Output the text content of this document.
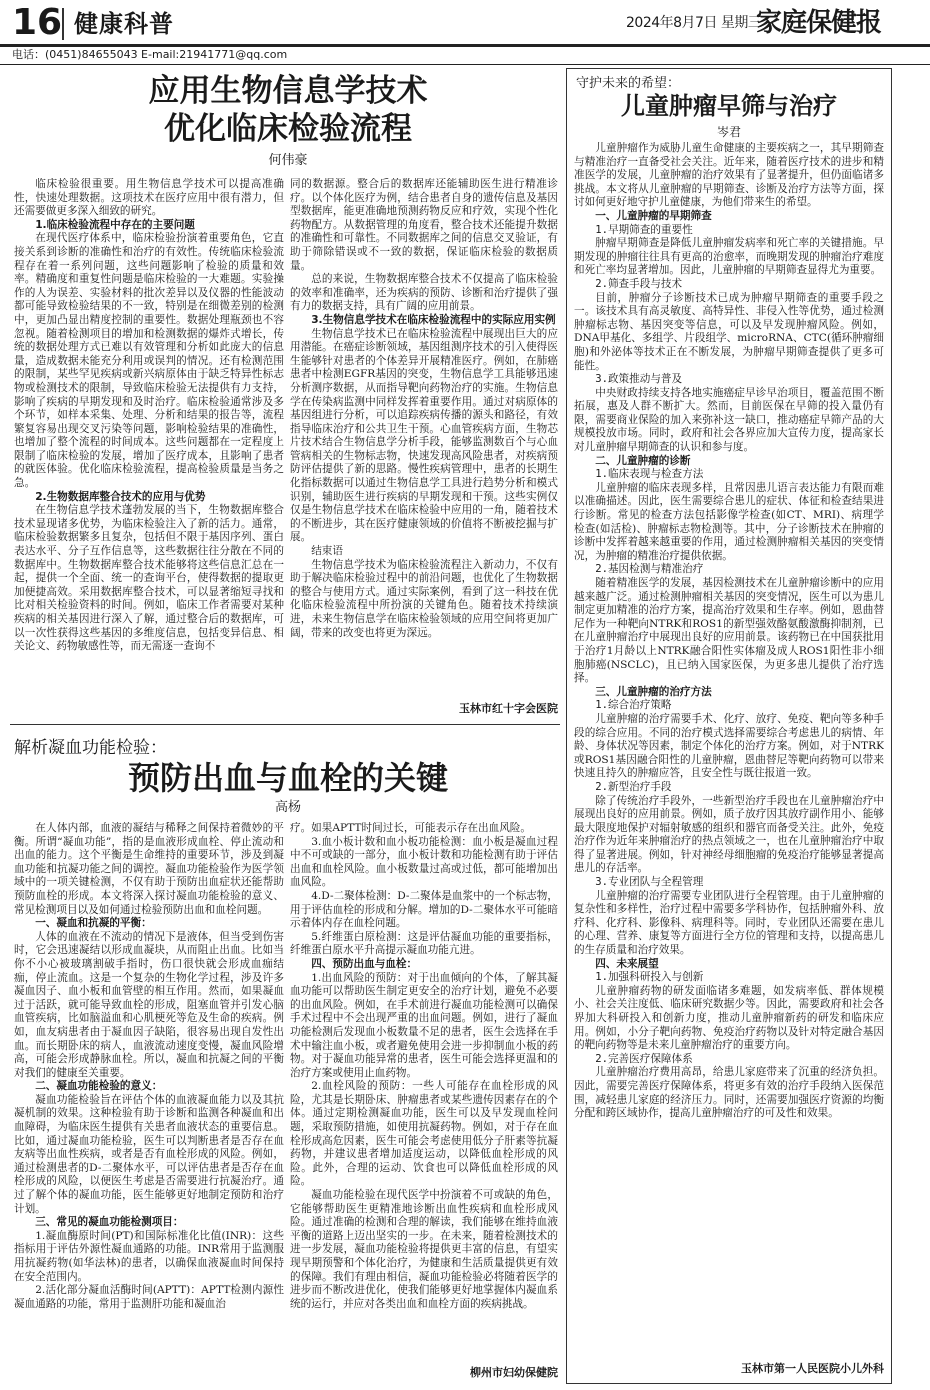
16 健康科普	2024年8月7日 星期三
家庭保健报
电话：(0451)84655043 E-mail:21941771@qq.com
应用生物信息学技术
优化临床检验流程
何伟豪

临床检验很重要。用生物信息学技术可以提高准确性，快速处理数据。这项技术在医疗应用中很有潜力，但还需要做更多深入细致的研究。

1.临床检验流程中存在的主要问题

在现代医疗体系中，临床检验扮演着重要角色，它直接关系到诊断的准确性和治疗的有效性。传统临床检验流程存在着一系列问题，这些问题影响了检验的质量和效率。精确度和重复性问题是临床检验的一大难题。实验操作的人为误差、实验材料的批次差异以及仪器的性能波动都可能导致检验结果的不一致，特别是在细微差别的检测中，更加凸显出精度控制的重要性。数据处理瓶颈也不容忽视。随着检测项目的增加和检测数据的爆炸式增长，传统的数据处理方式已难以有效管理和分析如此庞大的信息量，造成数据未能充分利用或误判的情况。还有检测范围的限制，某些罕见疾病或新兴病原体由于缺乏特异性标志物或检测技术的限制，导致临床检验无法提供有力支持，影响了疾病的早期发现和及时治疗。临床检验通常涉及多个环节，如样本采集、处理、分析和结果的报告等，流程繁复容易出现交叉污染等问题，影响检验结果的准确性，也增加了整个流程的时间成本。这些问题都在一定程度上限制了临床检验的发展，增加了医疗成本，且影响了患者的就医体验。优化临床检验流程，提高检验质量是当务之急。

2.生物数据库整合技术的应用与优势

在生物信息学技术蓬勃发展的当下，生物数据库整合技术显现诸多优势，为临床检验注入了新的活力。通常，临床检验数据繁多且复杂，包括但不限于基因序列、蛋白表达水平、分子互作信息等，这些数据往往分散在不同的数据库中。生物数据库整合技术能够将这些信息汇总在一起，提供一个全面、统一的查询平台，使得数据的提取更加便捷高效。采用数据库整合技术，可以显著缩短寻找和比对相关检验资料的时间。例如，临床工作者需要对某种疾病的相关基因进行深入了解，通过整合后的数据库，可以一次性获得这些基因的多维度信息，包括变异信息、相关论文、药物敏感性等，而无需逐一查询不

同的数据源。整合后的数据库还能辅助医生进行精准诊疗。以个体化医疗为例，结合患者自身的遗传信息及基因型数据库，能更准确地预测药物反应和疗效，实现个性化药物配方。从数据管理的角度看，整合技术还能提升数据的准确性和可靠性。不同数据库之间的信息交叉验证，有助于筛除错误或不一致的数据，保证临床检验的数据质量。

总的来说，生物数据库整合技术不仅提高了临床检验的效率和准确率，还为疾病的预防、诊断和治疗提供了强有力的数据支持，具有广阔的应用前景。

3.生物信息学技术在临床检验流程中的实际应用实例

生物信息学技术已在临床检验流程中展现出巨大的应用潜能。在癌症诊断领域，基因组测序技术的引入使得医生能够针对患者的个体差异开展精准医疗。例如，在肺癌患者中检测EGFR基因的突变，生物信息学工具能够迅速分析测序数据，从而指导靶向药物治疗的实施。生物信息学在传染病监测中同样发挥着重要作用。通过对病原体的基因组进行分析，可以追踪疾病传播的源头和路径，有效指导临床治疗和公共卫生干预。心血管疾病方面，生物芯片技术结合生物信息学分析手段，能够监测数百个与心血管病相关的生物标志物，快速发现高风险患者，对疾病预防评估提供了新的思路。慢性疾病管理中，患者的长期生化指标数据可以通过生物信息学工具进行趋势分析和模式识别，辅助医生进行疾病的早期发现和干预。这些实例仅仅是生物信息学技术在临床检验中应用的一角，随着技术的不断进步，其在医疗健康领域的价值将不断被挖掘与扩展。

结束语

生物信息学技术为临床检验流程注入新动力，不仅有助于解决临床检验过程中的前沿问题，也优化了生物数据的整合与使用方式。通过实际案例，看到了这一科技在优化临床检验流程中所扮演的关键角色。随着技术持续演进，未来生物信息学在临床检验领域的应用空间将更加广阔，带来的改变也将更为深远。

玉林市红十字会医院
解析凝血功能检验：
预防出血与血栓的关键
高杨

在人体内部，血液的凝结与稀释之间保持着微妙的平衡。所谓“凝血功能”，指的是血液形成血栓、停止流动和出血的能力。这个平衡是生命维持的重要环节，涉及到凝血功能和抗凝功能之间的调控。凝血功能检验作为医学领域中的一项关键检测，不仅有助于预防出血症状还能帮助预防血栓的形成。本文将深入探讨凝血功能检验的意义、常见检测项目以及如何通过检验预防出血和血栓问题。

一、凝血和抗凝的平衡：

人体的血液在不流动的情况下是液体，但当受到伤害时，它会迅速凝结以形成血凝块，从而阻止出血。比如当你不小心被玻璃割破手指时，伤口很快就会形成血痂结痂，停止流血。这是一个复杂的生物化学过程，涉及许多凝血因子、血小板和血管壁的相互作用。然而，如果凝血过于活跃，就可能导致血栓的形成，阻塞血管并引发心脑血管疾病，比如脑溢血和心肌梗死等危及生命的疾病。例如，血友病患者由于凝血因子缺陷，很容易出现自发性出血。而长期卧床的病人，血液流动速度变慢，凝血风险增高，可能会形成静脉血栓。所以，凝血和抗凝之间的平衡对我们的健康至关重要。

二、凝血功能检验的意义：

凝血功能检验旨在评估个体的血液凝血能力以及其抗凝机制的效果。这种检验有助于诊断和监测各种凝血和出血障碍，为临床医生提供有关患者血液状态的重要信息。比如，通过凝血功能检验，医生可以判断患者是否存在血友病等出血性疾病，或者是否有血栓形成的风险。例如，通过检测患者的D-二聚体水平，可以评估患者是否存在血栓形成的风险，以便医生考虑是否需要进行抗凝治疗。通过了解个体的凝血功能，医生能够更好地制定预防和治疗计划。

三、常见的凝血功能检测项目：

1.凝血酶原时间(PT)和国际标准化比值(INR)：这些指标用于评估外源性凝血通路的功能。INR常用于监测服用抗凝药物(如华法林)的患者，以确保血液凝血时间保持在安全范围内。

2.活化部分凝血活酶时间(APTT)：APTT检测内源性凝血通路的功能，常用于监测肝功能和凝血治

疗。如果APTT时间过长，可能表示存在出血风险。

3.血小板计数和血小板功能检测：血小板是凝血过程中不可或缺的一部分，血小板计数和功能检测有助于评估出血和血栓风险。血小板数量过高或过低，都可能增加出血风险。

4.D-二聚体检测：D-二聚体是血浆中的一个标志物，用于评估血栓的形成和分解。增加的D-二聚体水平可能暗示着体内存在血栓问题。

5.纤维蛋白原检测：这是评估凝血功能的重要指标，纤维蛋白原水平升高提示凝血功能亢进。

四、预防出血与血栓：

1.出血风险的预防：对于出血倾向的个体，了解其凝血功能可以帮助医生制定更安全的治疗计划，避免不必要的出血风险。例如，在手术前进行凝血功能检测可以确保手术过程中不会出现严重的出血问题。例如，进行了凝血功能检测后发现血小板数量不足的患者，医生会选择在手术中输注血小板，或者避免使用会进一步抑制血小板的药物。对于凝血功能异常的患者，医生可能会选择更温和的治疗方案或使用止血药物。

2.血栓风险的预防：一些人可能存在血栓形成的风险，尤其是长期卧床、肿瘤患者或某些遗传因素存在的个体。通过定期检测凝血功能，医生可以及早发现血栓问题，采取预防措施，如使用抗凝药物。例如，对于存在血栓形成高危因素，医生可能会考虑使用低分子肝素等抗凝药物，并建议患者增加适度运动，以降低血栓形成的风险。此外，合理的运动、饮食也可以降低血栓形成的风险。

凝血功能检验在现代医学中扮演着不可或缺的角色，它能够帮助医生更精准地诊断出血性疾病和血栓形成风险。通过准确的检测和合理的解读，我们能够在维持血液平衡的道路上迈出坚实的一步。在未来，随着检测技术的进一步发展，凝血功能检验将提供更丰富的信息，有望实现早期预警和个体化治疗，为健康和生活质量提供更有效的保障。我们有理由相信，凝血功能检验必将随着医学的进步而不断改进优化，使我们能够更好地掌握体内凝血系统的运行，并应对各类出血和血栓方面的疾病挑战。

柳州市妇幼保健院
守护未来的希望：
儿童肿瘤早筛与治疗
岑君

儿童肿瘤作为威胁儿童生命健康的主要疾病之一，其早期筛查与精准治疗一直备受社会关注。近年来，随着医疗技术的进步和精准医学的发展，儿童肿瘤的治疗效果有了显著提升，但仍面临诸多挑战。本文将从儿童肿瘤的早期筛查、诊断及治疗方法等方面，探讨如何更好地守护儿童健康，为他们带来生的希望。

一、儿童肿瘤的早期筛查
1.早期筛查的重要性

肿瘤早期筛查是降低儿童肿瘤发病率和死亡率的关键措施。早期发现的肿瘤往往具有更高的治愈率，而晚期发现的肿瘤治疗难度和死亡率均显著增加。因此，儿童肿瘤的早期筛查显得尤为重要。

2.筛查手段与技术

目前，肿瘤分子诊断技术已成为肿瘤早期筛查的重要手段之一。该技术具有高灵敏度、高特异性、非侵入性等优势，通过检测肿瘤标志物、基因突变等信息，可以及早发现肿瘤风险。例如，DNA甲基化、多组学、片段组学、microRNA、CTC(循环肿瘤细胞)和外泌体等技术正在不断发展，为肿瘤早期筛查提供了更多可能性。

3.政策推动与普及

中央财政持续支持各地实施癌症早诊早治项目，覆盖范围不断拓展，惠及人群不断扩大。然而，目前医保在早筛的投入量仍有限，需要商业保险的加入来弥补这一缺口，推动癌症早筛产品的大规模投放市场。同时，政府和社会各界应加大宣传力度，提高家长对儿童肿瘤早期筛查的认识和参与度。

二、儿童肿瘤的诊断
1.临床表现与检查方法

儿童肿瘤的临床表现多样，且常因患儿语言表达能力有限而难以准确描述。因此，医生需要综合患儿的症状、体征和检查结果进行诊断。常见的检查方法包括影像学检查(如CT、MRI)、病理学检查(如活检)、肿瘤标志物检测等。其中，分子诊断技术在肿瘤的诊断中发挥着越来越重要的作用，通过检测肿瘤相关基因的突变情况，为肿瘤的精准治疗提供依据。

2.基因检测与精准治疗

随着精准医学的发展，基因检测技术在儿童肿瘤诊断中的应用越来越广泛。通过检测肿瘤相关基因的突变情况，医生可以为患儿制定更加精准的治疗方案，提高治疗效果和生存率。例如，恩曲替尼作为一种靶向NTRK和ROS1的新型强效酪氨酸激酶抑制剂，已在儿童肿瘤治疗中展现出良好的应用前景。该药物已在中国获批用于治疗1月龄以上NTRK融合阳性实体瘤及成人ROS1阳性非小细胞肺癌(NSCLC)，且已纳入国家医保，为更多患儿提供了治疗选择。

三、儿童肿瘤的治疗方法
1.综合治疗策略

儿童肿瘤的治疗需要手术、化疗、放疗、免疫、靶向等多种手段的综合应用。不同的治疗模式选择需要综合考虑患儿的病情、年龄、身体状况等因素，制定个体化的治疗方案。例如，对于NTRK或ROS1基因融合阳性的儿童肿瘤，恩曲替尼等靶向药物可以带来快速且持久的肿瘤应答，且安全性与既往报道一致。

2.新型治疗手段

除了传统治疗手段外，一些新型治疗手段也在儿童肿瘤治疗中展现出良好的应用前景。例如，质子放疗因其放疗副作用小、能够最大限度地保护对辐射敏感的组织和器官而备受关注。此外，免疫治疗作为近年来肿瘤治疗的热点领域之一，也在儿童肿瘤治疗中取得了显著进展。例如，针对神经母细胞瘤的免疫治疗能够显著提高患儿的存活率。

3.专业团队与全程管理

儿童肿瘤的治疗需要专业团队进行全程管理。由于儿童肿瘤的复杂性和多样性，治疗过程中需要多学科协作，包括肿瘤外科、放疗科、化疗科、影像科、病理科等。同时，专业团队还需要在患儿的心理、营养、康复等方面进行全方位的管理和支持，以提高患儿的生存质量和治疗效果。

四、未来展望
1.加强科研投入与创新

儿童肿瘤药物的研发面临诸多难题，如发病率低、群体规模小、社会关注度低、临床研究数据少等。因此，需要政府和社会各界加大科研投入和创新力度，推动儿童肿瘤新药的研发和临床应用。例如，小分子靶向药物、免疫治疗药物以及针对特定融合基因的靶向药物等是未来儿童肿瘤治疗的重要方向。

2.完善医疗保障体系

儿童肿瘤治疗费用高昂，给患儿家庭带来了沉重的经济负担。因此，需要完善医疗保障体系，将更多有效的治疗手段纳入医保范围，减轻患儿家庭的经济压力。同时，还需要加强医疗资源的均衡分配和跨区域协作，提高儿童肿瘤治疗的可及性和效果。

玉林市第一人民医院小儿外科
